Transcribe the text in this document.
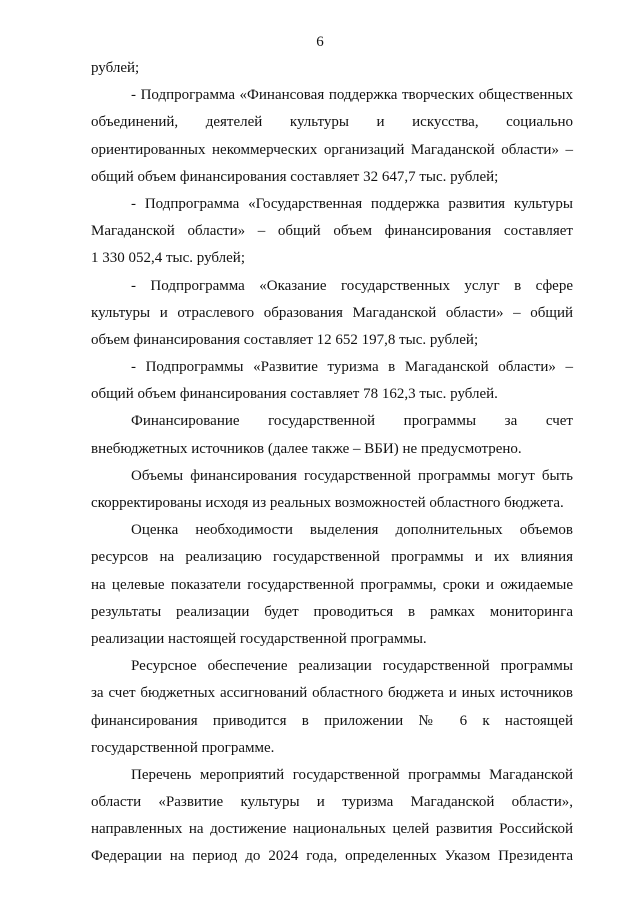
6
рублей;
- Подпрограмма «Финансовая поддержка творческих общественных
объединений, деятелей культуры и искусства, социально
ориентированных некоммерческих организаций Магаданской области» –
общий объем финансирования составляет 32 647,7 тыс. рублей;
- Подпрограмма «Государственная поддержка развития культуры
Магаданской области» – общий объем финансирования составляет
1 330 052,4 тыс. рублей;
- Подпрограмма «Оказание государственных услуг в сфере
культуры и отраслевого образования Магаданской области» – общий
объем финансирования составляет 12 652 197,8 тыс. рублей;
- Подпрограммы «Развитие туризма в Магаданской области» –
общий объем финансирования составляет 78 162,3 тыс. рублей.
Финансирование государственной программы за счет
внебюджетных источников (далее также – ВБИ) не предусмотрено.
Объемы финансирования государственной программы могут быть
скорректированы исходя из реальных возможностей областного бюджета.
Оценка необходимости выделения дополнительных объемов
ресурсов на реализацию государственной программы и их влияния
на целевые показатели государственной программы, сроки и ожидаемые
результаты реализации будет проводиться в рамках мониторинга
реализации настоящей государственной программы.
Ресурсное обеспечение реализации государственной программы
за счет бюджетных ассигнований областного бюджета и иных источников
финансирования приводится в приложении № 6 к настоящей
государственной программе.
Перечень мероприятий государственной программы Магаданской
области «Развитие культуры и туризма Магаданской области»,
направленных на достижение национальных целей развития Российской
Федерации на период до 2024 года, определенных Указом Президента
